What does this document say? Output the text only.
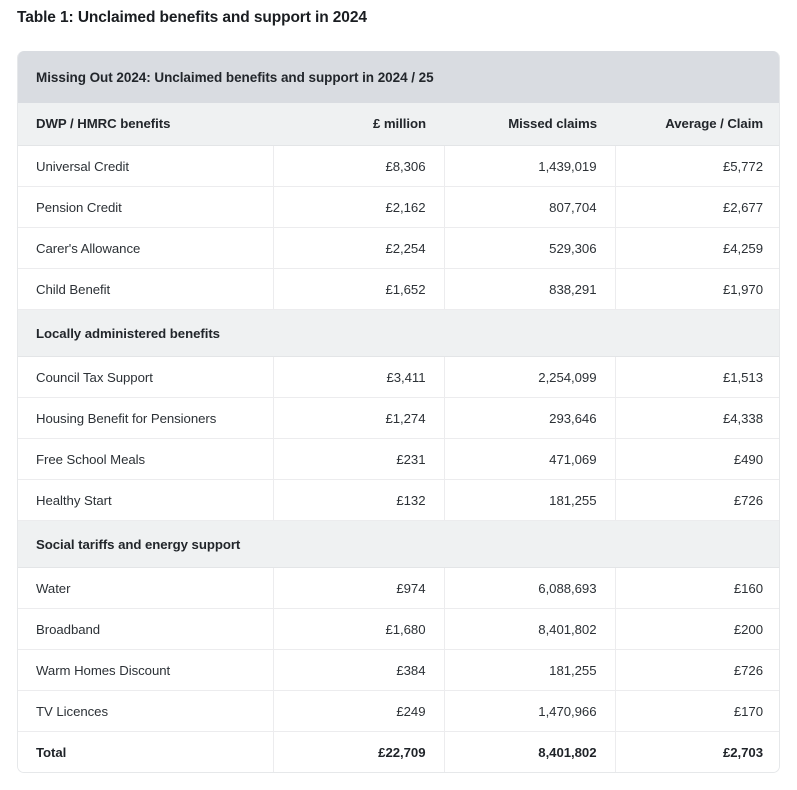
Table 1: Unclaimed benefits and support in 2024
Missing Out 2024: Unclaimed benefits and support in 2024 / 25			
DWP / HMRC benefits	£ million	Missed claims	Average / Claim
Universal Credit	£8,306	1,439,019	£5,772
Pension Credit	£2,162	807,704	£2,677
Carer's Allowance	£2,254	529,306	£4,259
Child Benefit	£1,652	838,291	£1,970
Locally administered benefits			
Council Tax Support	£3,411	2,254,099	£1,513
Housing Benefit for Pensioners	£1,274	293,646	£4,338
Free School Meals	£231	471,069	£490
Healthy Start	£132	181,255	£726
Social tariffs and energy support			
Water	£974	6,088,693	£160
Broadband	£1,680	8,401,802	£200
Warm Homes Discount	£384	181,255	£726
TV Licences	£249	1,470,966	£170
Total	£22,709	8,401,802	£2,703
